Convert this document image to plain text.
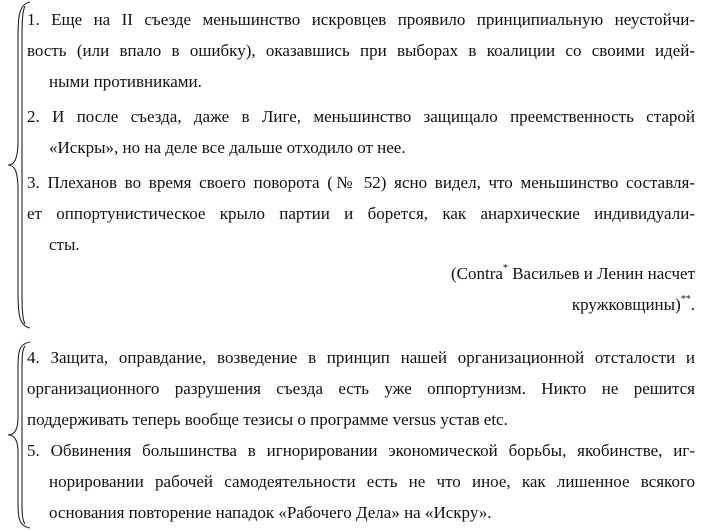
1. Еще на II съезде меньшинство искровцев проявило принципиальную неустойчи-
вость (или впало в ошибку), оказавшись при выборах в коалиции со своими идей-
ными противниками.
2. И после съезда, даже в Лиге, меньшинство защищало преемственность старой
«Искры», но на деле все дальше отходило от нее.
3. Плеханов во время своего поворота (№ 52) ясно видел, что меньшинство составля-
ет оппортунистическое крыло партии и борется, как анархические индивидуали-
сты.
(Contra* Васильев и Ленин насчет
кружковщины)**.
4. Защита, оправдание, возведение в принцип нашей организационной отсталости и
организационного разрушения съезда есть уже оппортунизм. Никто не решится
поддерживать теперь вообще тезисы о программе versus устав etc.
5. Обвинения большинства в игнорировании экономической борьбы, якобинстве, иг-
норировании рабочей самодеятельности есть не что иное, как лишенное всякого
основания повторение нападок «Рабочего Дела» на «Искру».
